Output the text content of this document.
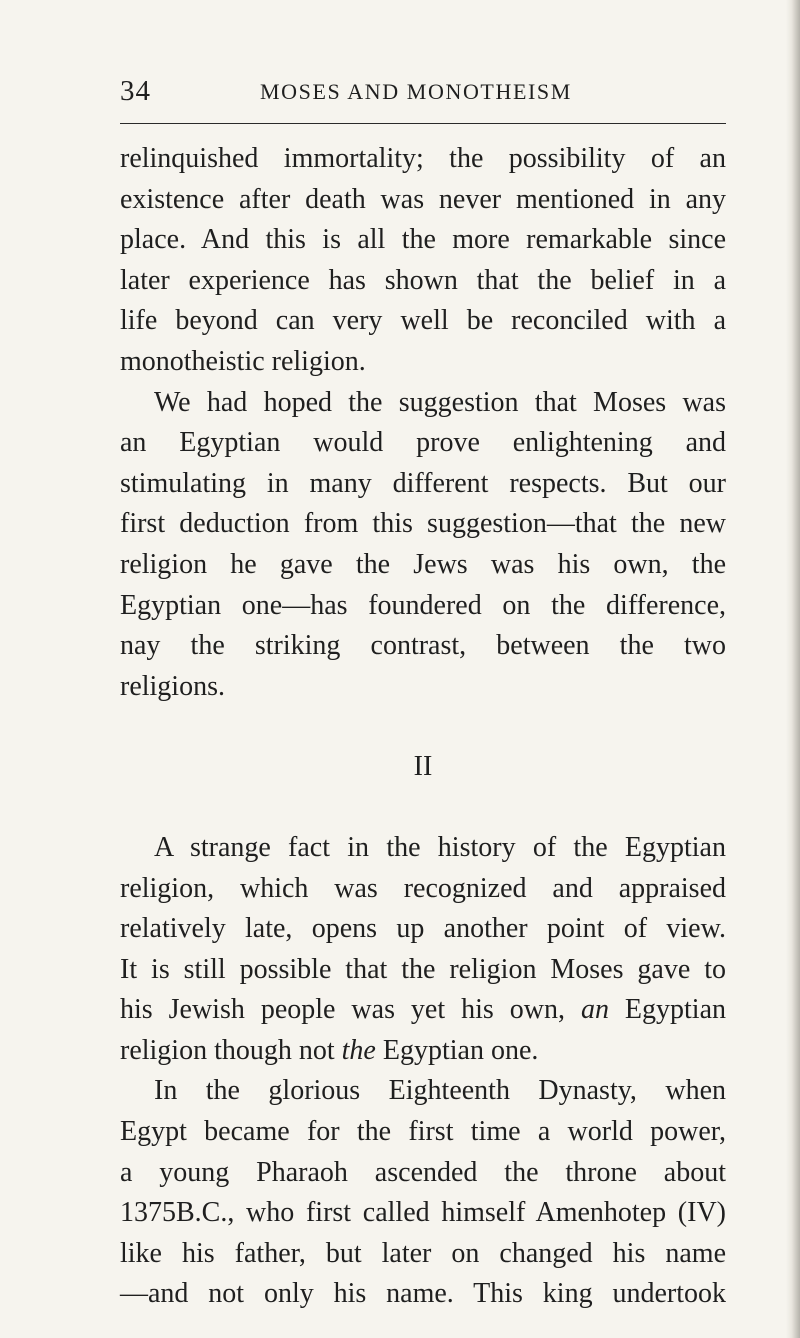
34	MOSES AND MONOTHEISM
relinquished immortality; the possibility of an
existence after death was never mentioned in any
place. And this is all the more remarkable since
later experience has shown that the belief in a
life beyond can very well be reconciled with a
monotheistic religion.
We had hoped the suggestion that Moses was
an Egyptian would prove enlightening and
stimulating in many different respects. But our
first deduction from this suggestion—that the new
religion he gave the Jews was his own, the
Egyptian one—has foundered on the difference,
nay the striking contrast, between the two
religions.
II
A strange fact in the history of the Egyptian
religion, which was recognized and appraised
relatively late, opens up another point of view.
It is still possible that the religion Moses gave to
his Jewish people was yet his own, an Egyptian
religion though not the Egyptian one.
In the glorious Eighteenth Dynasty, when
Egypt became for the first time a world power,
a young Pharaoh ascended the throne about
1375B.C., who first called himself Amenhotep (IV)
like his father, but later on changed his name
—and not only his name. This king undertook
